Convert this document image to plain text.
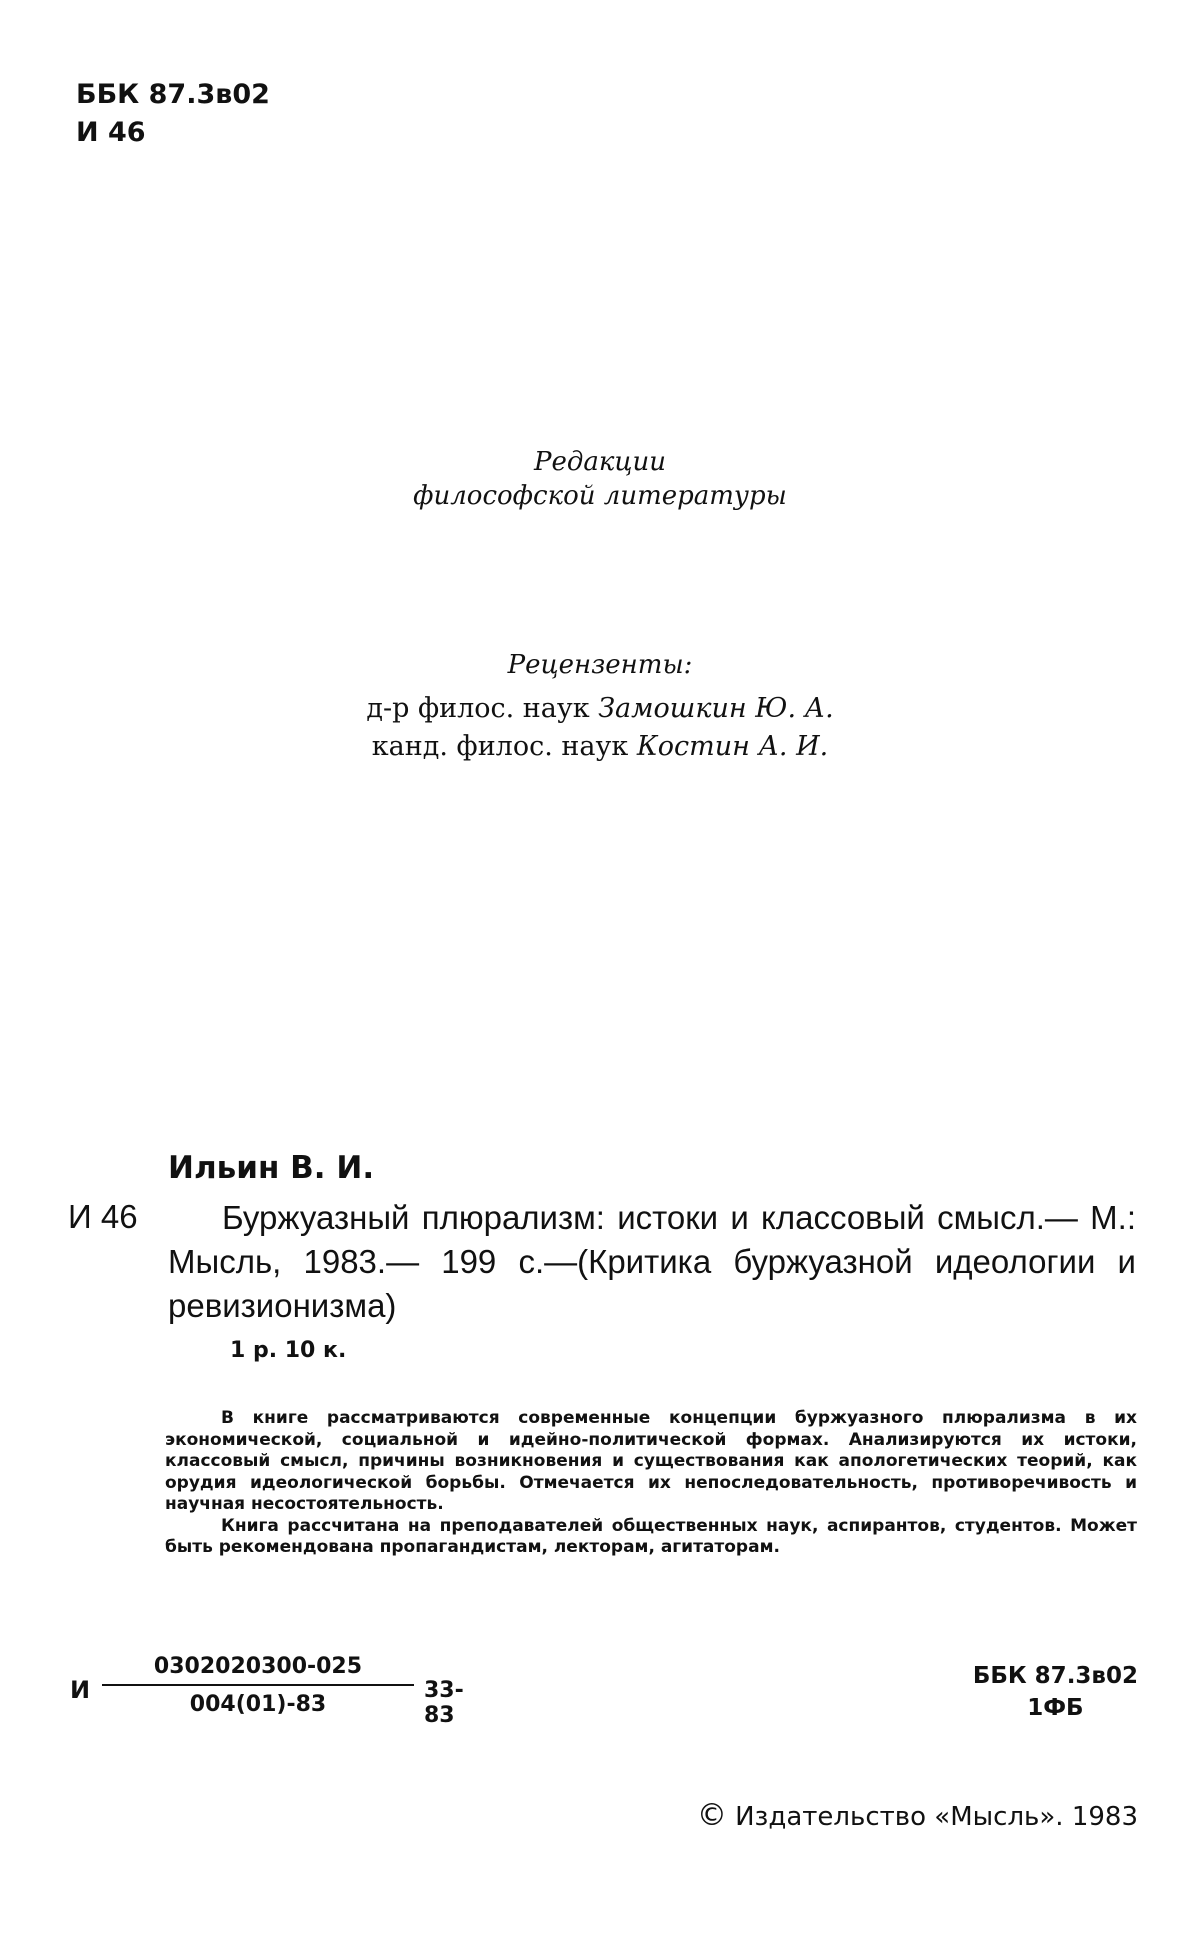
ББК 87.3в02
И 46
Редакции
философской литературы
Рецензенты:
д-р филос. наук Замошкин Ю. А.
канд. филос. наук Костин А. И.
Ильин В. И.
И 46	Буржуазный плюрализм: истоки и классовый смысл.— М.: Мысль, 1983.— 199 с.—(Критика буржуазной идеологии и ревизионизма)
1 р. 10 к.

В книге рассматриваются современные концепции буржуазного плюрализма в их экономической, социальной и идейно-политической формах. Анализируются их истоки, классовый смысл, причины возникновения и существования как апологетических теорий, как орудия идеологической борьбы. Отмечается их непоследовательность, противоречивость и научная несостоятельность.

Книга рассчитана на преподавателей общественных наук, аспирантов, студентов. Может быть рекомендована пропагандистам, лекторам, агитаторам.

И
0302020300-025
004(01)-83
33-83
ББК 87.3в02
1ФБ
© Издательство «Мысль». 1983
